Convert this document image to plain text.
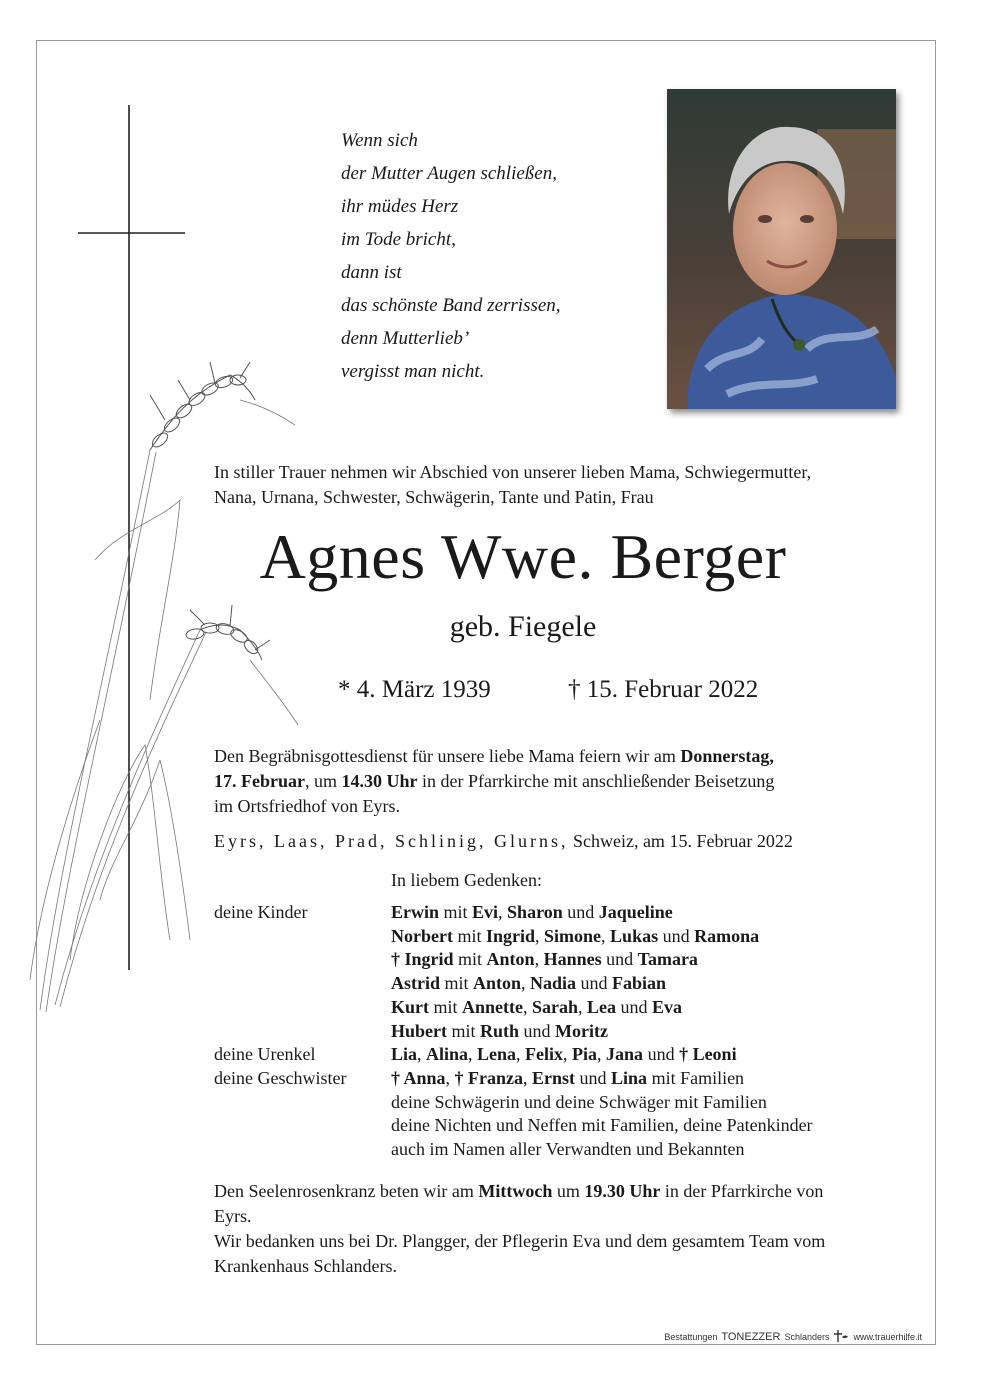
Wenn sich
der Mutter Augen schließen,
ihr müdes Herz
im Tode bricht,
dann ist
das schönste Band zerrissen,
denn Mutterlieb’
vergisst man nicht.
In stiller Trauer nehmen wir Abschied von unserer lieben Mama, Schwiegermutter,
Nana, Urnana, Schwester, Schwägerin, Tante und Patin, Frau
Agnes Wwe. Berger
geb. Fiegele
* 4. März 1939	† 15. Februar 2022
Den Begräbnisgottesdienst für unsere liebe Mama feiern wir am Donnerstag,
17. Februar, um 14.30 Uhr in der Pfarrkirche mit anschließender Beisetzung
im Ortsfriedhof von Eyrs.
Eyrs, Laas, Prad, Schlinig, Glurns, Schweiz, am 15. Februar 2022
In liebem Gedenken:
deine Kinder	Erwin mit Evi, Sharon und Jaqueline
Norbert mit Ingrid, Simone, Lukas und Ramona
† Ingrid mit Anton, Hannes und Tamara
Astrid mit Anton, Nadia und Fabian
Kurt mit Annette, Sarah, Lea und Eva
Hubert mit Ruth und Moritz
deine Urenkel	Lia, Alina, Lena, Felix, Pia, Jana und † Leoni
deine Geschwister	† Anna, † Franza, Ernst und Lina mit Familien
deine Schwägerin und deine Schwäger mit Familien
deine Nichten und Neffen mit Familien, deine Patenkinder
auch im Namen aller Verwandten und Bekannten
Den Seelenrosenkranz beten wir am Mittwoch um 19.30 Uhr in der Pfarrkirche von
Eyrs.
Wir bedanken uns bei Dr. Plangger, der Pflegerin Eva und dem gesamtem Team vom
Krankenhaus Schlanders.
Bestattungen TONEZZER Schlanders	www.trauerhilfe.it
